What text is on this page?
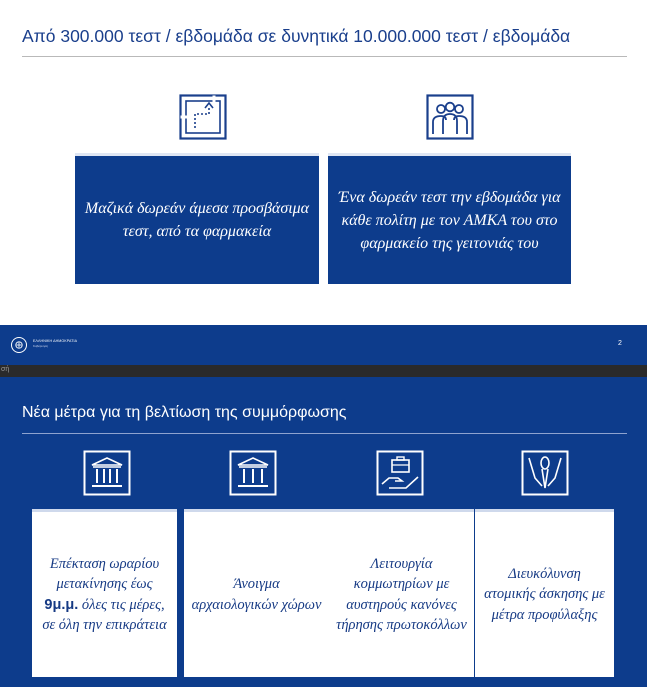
Από 300.000 τεστ / εβδομάδα σε δυνητικά 10.000.000 τεστ / εβδομάδα
Μαζικά δωρεάν άμεσα προσβάσιμα τεστ, από τα φαρμακεία
Ένα δωρεάν τεστ την εβδομάδα για κάθε πολίτη με τον ΑΜΚΑ του στο φαρμακείο της γειτονιάς του
ΕΛΛΗΝΙΚΗ ΔΗΜΟΚΡΑΤΙΑ
Κυβέρνηση	2
σή
Νέα μέτρα για τη βελτίωση της συμμόρφωσης
Επέκταση ωραρίου μετακίνησης έως 9μ.μ. όλες τις μέρες, σε όλη την επικράτεια
Άνοιγμα αρχαιολογικών χώρων
Λειτουργία κομμωτηρίων με αυστηρούς κανόνες τήρησης πρωτοκόλλων
Διευκόλυνση ατομικής άσκησης με μέτρα προφύλαξης
